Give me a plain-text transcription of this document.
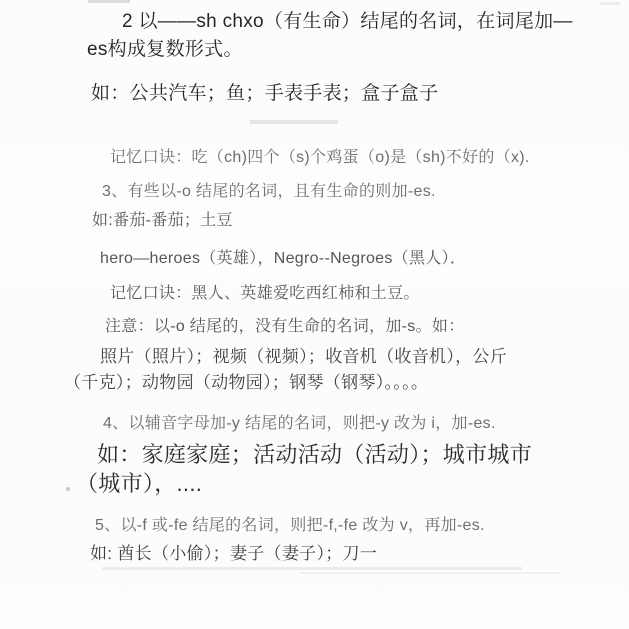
2 以——sh chxo（有生命）结尾的名词，在词尾加—
es构成复数形式。
如：公共汽车；鱼；手表手表；盒子盒子
记忆口诀：吃（ch)四个（s)个鸡蛋（o)是（sh)不好的（x).
3、有些以-o 结尾的名词，且有生命的则加-es.
如:番茄-番茄；土豆
hero—heroes（英雄），Negro--Negroes（黑人）．
记忆口诀：黑人、英雄爱吃西红柿和土豆。
注意：以-o 结尾的，没有生命的名词，加-s。如：
照片（照片）；视频（视频）；收音机（收音机），公斤
（千克）；动物园（动物园）；钢琴（钢琴）。。。。
4、以辅音字母加-y 结尾的名词，则把-y 改为 i，加-es.
如：家庭家庭；活动活动（活动）；城市城市
（城市），....
5、以-f 或-fe 结尾的名词，则把-f,-fe 改为 v，再加-es.
如: 酋长（小偷）；妻子（妻子）；刀一
